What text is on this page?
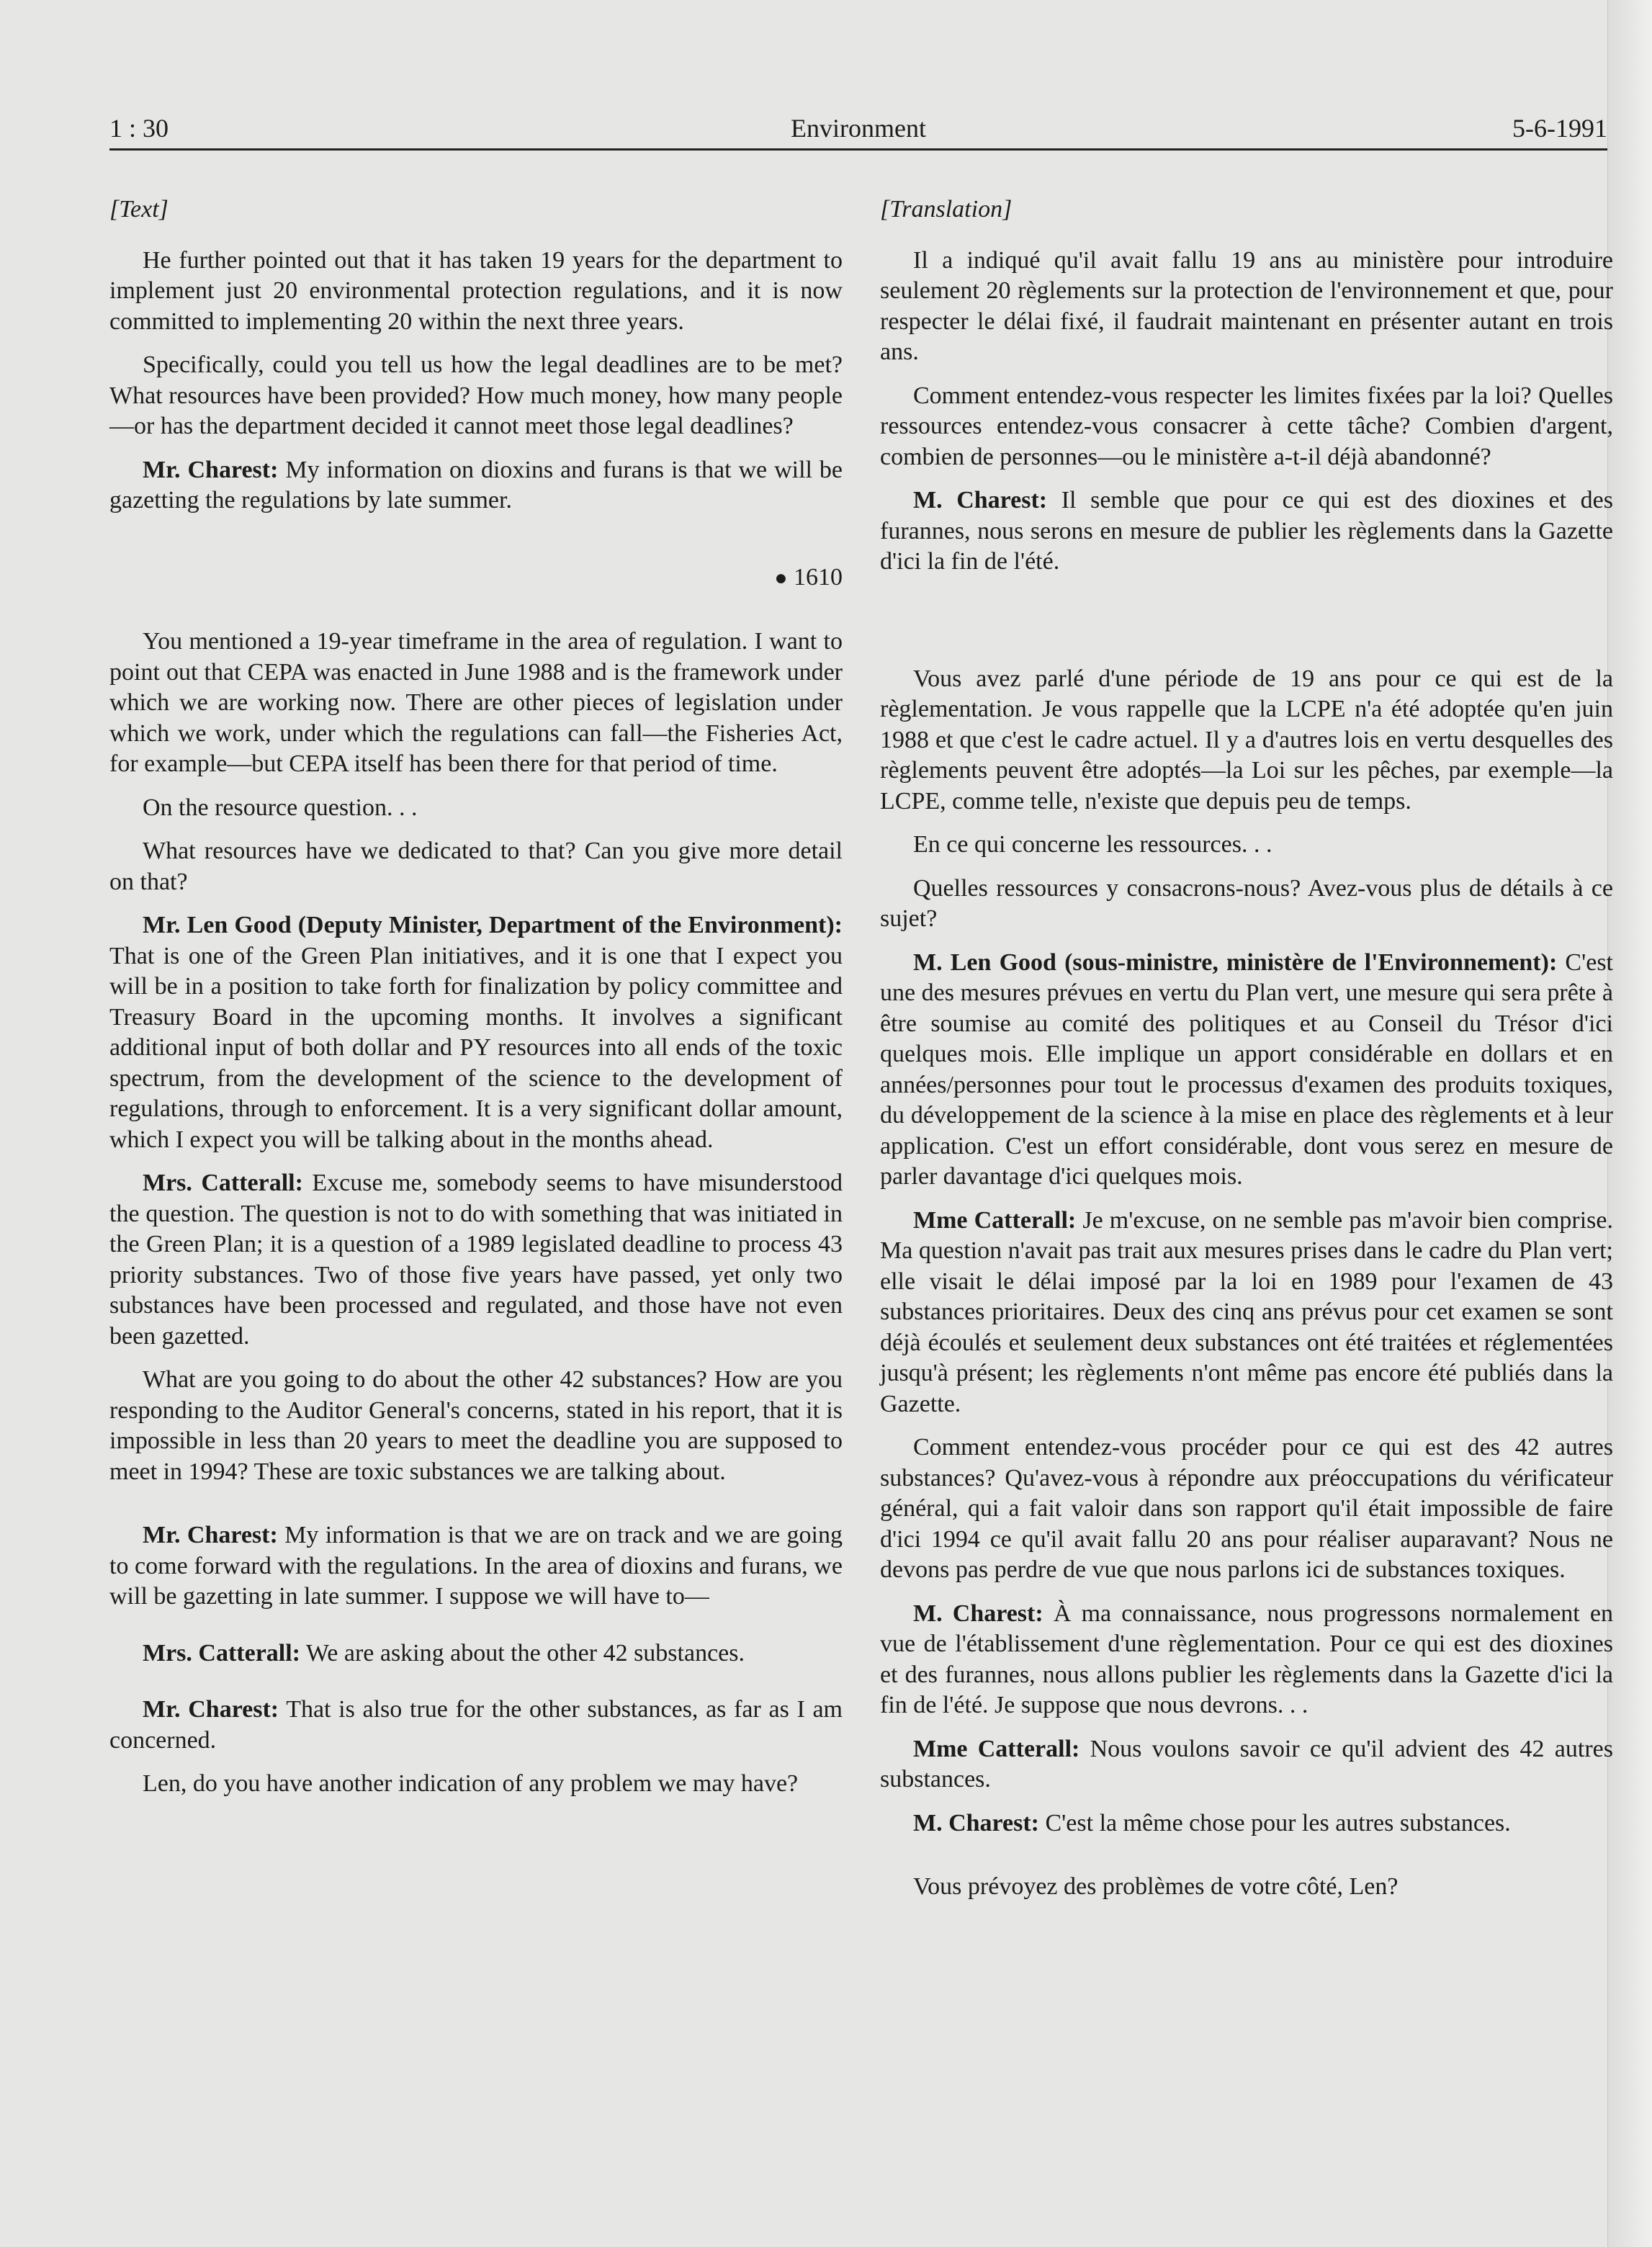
1 : 30	Environment	5-6-1991

[Text]

He further pointed out that it has taken 19 years for the department to implement just 20 environmental protection regulations, and it is now committed to implementing 20 within the next three years.

Specifically, could you tell us how the legal deadlines are to be met? What resources have been provided? How much money, how many people—or has the department decided it cannot meet those legal deadlines?

Mr. Charest: My information on dioxins and furans is that we will be gazetting the regulations by late summer.

● 1610

You mentioned a 19-year timeframe in the area of regulation. I want to point out that CEPA was enacted in June 1988 and is the framework under which we are working now. There are other pieces of legislation under which we work, under which the regulations can fall—the Fisheries Act, for example—but CEPA itself has been there for that period of time.

On the resource question. . .

What resources have we dedicated to that? Can you give more detail on that?

Mr. Len Good (Deputy Minister, Department of the Environment): That is one of the Green Plan initiatives, and it is one that I expect you will be in a position to take forth for finalization by policy committee and Treasury Board in the upcoming months. It involves a significant additional input of both dollar and PY resources into all ends of the toxic spectrum, from the development of the science to the development of regulations, through to enforcement. It is a very significant dollar amount, which I expect you will be talking about in the months ahead.

Mrs. Catterall: Excuse me, somebody seems to have misunderstood the question. The question is not to do with something that was initiated in the Green Plan; it is a question of a 1989 legislated deadline to process 43 priority substances. Two of those five years have passed, yet only two substances have been processed and regulated, and those have not even been gazetted.

What are you going to do about the other 42 substances? How are you responding to the Auditor General's concerns, stated in his report, that it is impossible in less than 20 years to meet the deadline you are supposed to meet in 1994? These are toxic substances we are talking about.

Mr. Charest: My information is that we are on track and we are going to come forward with the regulations. In the area of dioxins and furans, we will be gazetting in late summer. I suppose we will have to—

Mrs. Catterall: We are asking about the other 42 substances.

Mr. Charest: That is also true for the other substances, as far as I am concerned.

Len, do you have another indication of any problem we may have?

[Translation]

Il a indiqué qu'il avait fallu 19 ans au ministère pour introduire seulement 20 règlements sur la protection de l'environnement et que, pour respecter le délai fixé, il faudrait maintenant en présenter autant en trois ans.

Comment entendez-vous respecter les limites fixées par la loi? Quelles ressources entendez-vous consacrer à cette tâche? Combien d'argent, combien de personnes—ou le ministère a-t-il déjà abandonné?

M. Charest: Il semble que pour ce qui est des dioxines et des furannes, nous serons en mesure de publier les règlements dans la Gazette d'ici la fin de l'été.

Vous avez parlé d'une période de 19 ans pour ce qui est de la règlementation. Je vous rappelle que la LCPE n'a été adoptée qu'en juin 1988 et que c'est le cadre actuel. Il y a d'autres lois en vertu desquelles des règlements peuvent être adoptés—la Loi sur les pêches, par exemple—la LCPE, comme telle, n'existe que depuis peu de temps.

En ce qui concerne les ressources. . .

Quelles ressources y consacrons-nous? Avez-vous plus de détails à ce sujet?

M. Len Good (sous-ministre, ministère de l'Environnement): C'est une des mesures prévues en vertu du Plan vert, une mesure qui sera prête à être soumise au comité des politiques et au Conseil du Trésor d'ici quelques mois. Elle implique un apport considérable en dollars et en années/personnes pour tout le processus d'examen des produits toxiques, du développement de la science à la mise en place des règlements et à leur application. C'est un effort considérable, dont vous serez en mesure de parler davantage d'ici quelques mois.

Mme Catterall: Je m'excuse, on ne semble pas m'avoir bien comprise. Ma question n'avait pas trait aux mesures prises dans le cadre du Plan vert; elle visait le délai imposé par la loi en 1989 pour l'examen de 43 substances prioritaires. Deux des cinq ans prévus pour cet examen se sont déjà écoulés et seulement deux substances ont été traitées et réglementées jusqu'à présent; les règlements n'ont même pas encore été publiés dans la Gazette.

Comment entendez-vous procéder pour ce qui est des 42 autres substances? Qu'avez-vous à répondre aux préoccupations du vérificateur général, qui a fait valoir dans son rapport qu'il était impossible de faire d'ici 1994 ce qu'il avait fallu 20 ans pour réaliser auparavant? Nous ne devons pas perdre de vue que nous parlons ici de substances toxiques.

M. Charest: À ma connaissance, nous progressons normalement en vue de l'établissement d'une règlementation. Pour ce qui est des dioxines et des furannes, nous allons publier les règlements dans la Gazette d'ici la fin de l'été. Je suppose que nous devrons. . .

Mme Catterall: Nous voulons savoir ce qu'il advient des 42 autres substances.

M. Charest: C'est la même chose pour les autres substances.

Vous prévoyez des problèmes de votre côté, Len?
